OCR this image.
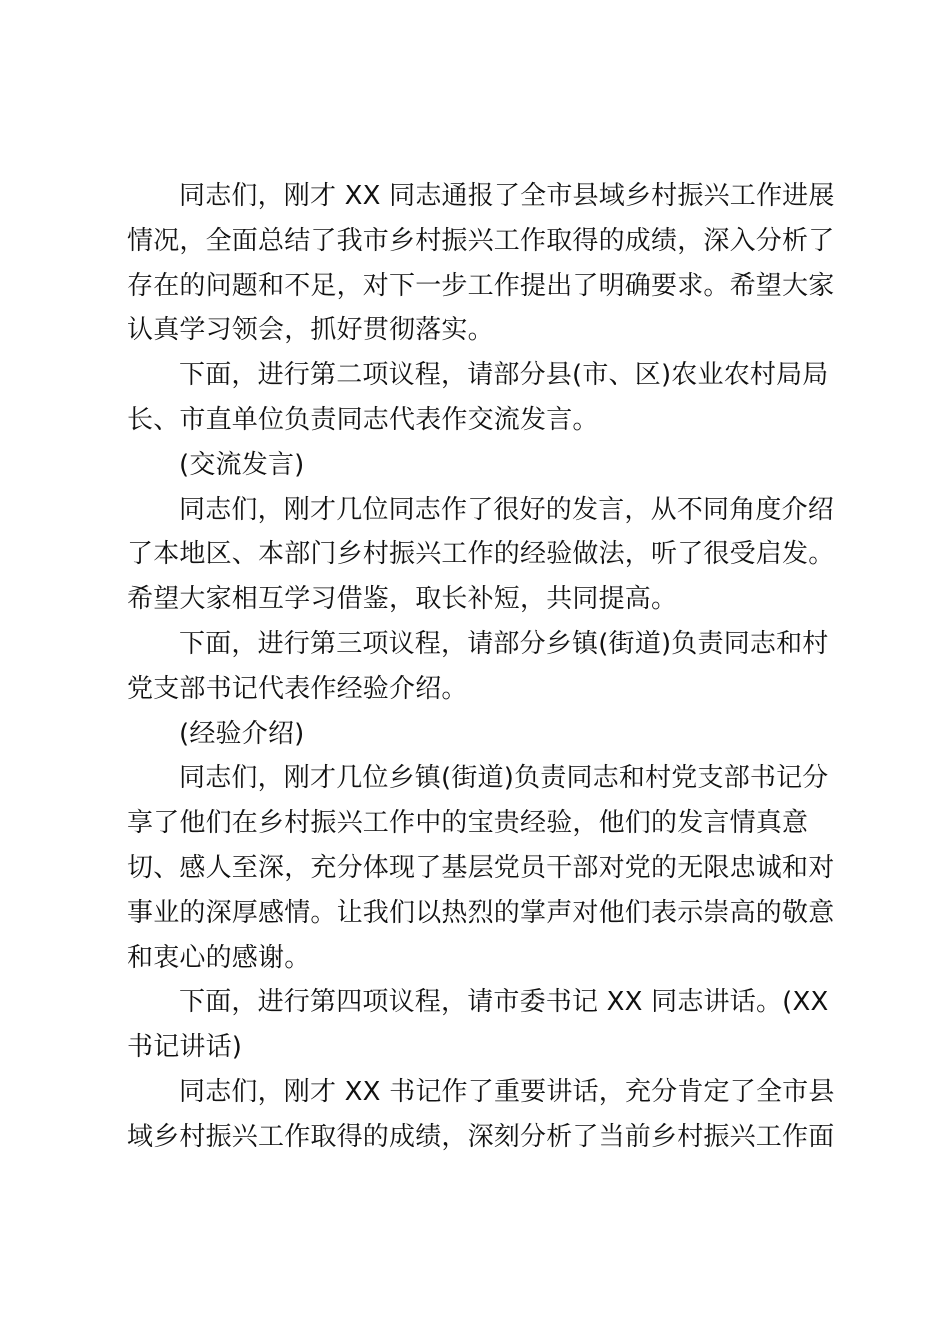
同志们，刚才 XX 同志通报了全市县域乡村振兴工作进展
情况，全面总结了我市乡村振兴工作取得的成绩，深入分析了
存在的问题和不足，对下一步工作提出了明确要求。希望大家
认真学习领会，抓好贯彻落实。

下面，进行第二项议程，请部分县(市、区)农业农村局局
长、市直单位负责同志代表作交流发言。

(交流发言)

同志们，刚才几位同志作了很好的发言，从不同角度介绍
了本地区、本部门乡村振兴工作的经验做法，听了很受启发。
希望大家相互学习借鉴，取长补短，共同提高。

下面，进行第三项议程，请部分乡镇(街道)负责同志和村
党支部书记代表作经验介绍。

(经验介绍)

同志们，刚才几位乡镇(街道)负责同志和村党支部书记分
享了他们在乡村振兴工作中的宝贵经验，他们的发言情真意
切、感人至深，充分体现了基层党员干部对党的无限忠诚和对
事业的深厚感情。让我们以热烈的掌声对他们表示崇高的敬意
和衷心的感谢。

下面，进行第四项议程，请市委书记 XX 同志讲话。(XX
书记讲话)

同志们，刚才 XX 书记作了重要讲话，充分肯定了全市县
域乡村振兴工作取得的成绩，深刻分析了当前乡村振兴工作面
